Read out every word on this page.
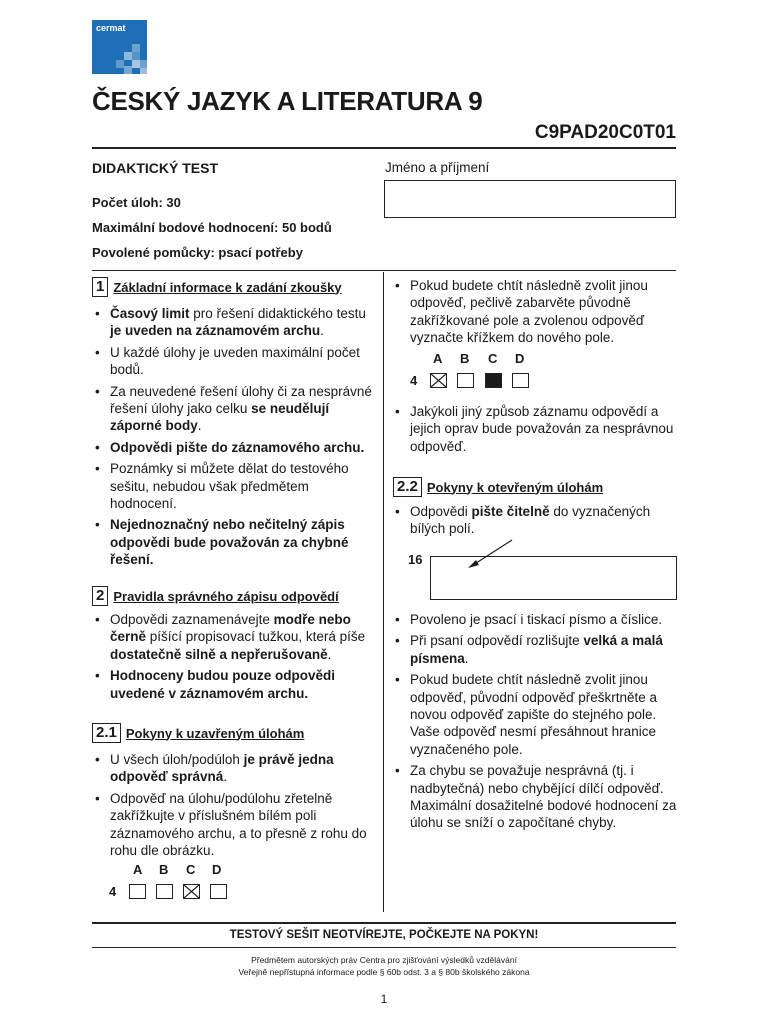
cermat
ČESKÝ JAZYK A LITERATURA 9
C9PAD20C0T01
DIDAKTICKÝ TEST
Počet úloh: 30
Maximální bodové hodnocení: 50 bodů
Povolené pomůcky: psací potřeby
Jméno a příjmení
1 Základní informace k zadání zkoušky
• Časový limit pro řešení didaktického testu je uveden na záznamovém archu.
• U každé úlohy je uveden maximální počet bodů.
• Za neuvedené řešení úlohy či za nesprávné řešení úlohy jako celku se neudělují záporné body.
• Odpovědi pište do záznamového archu.
• Poznámky si můžete dělat do testového sešitu, nebudou však předmětem hodnocení.
• Nejednoznačný nebo nečitelný zápis odpovědi bude považován za chybné řešení.
2 Pravidla správného zápisu odpovědí
• Odpovědi zaznamenávejte modře nebo černě píšící propisovací tužkou, která píše dostatečně silně a nepřerušovaně.
• Hodnoceny budou pouze odpovědi uvedené v záznamovém archu.
2.1 Pokyny k uzavřeným úlohám
• U všech úloh/podúloh je právě jedna odpověď správná.
• Odpověď na úlohu/podúlohu zřetelně zakřížkujte v příslušném bílém poli záznamového archu, a to přesně z rohu do rohu dle obrázku.
A B C D
4
• Pokud budete chtít následně zvolit jinou odpověď, pečlivě zabarvěte původně zakřížkované pole a zvolenou odpověď vyznačte křížkem do nového pole.
A B C D
4
• Jakýkoli jiný způsob záznamu odpovědí a jejich oprav bude považován za nesprávnou odpověď.
2.2 Pokyny k otevřeným úlohám
• Odpovědi pište čitelně do vyznačených bílých polí.
16
• Povoleno je psací i tiskací písmo a číslice.
• Při psaní odpovědí rozlišujte velká a malá písmena.
• Pokud budete chtít následně zvolit jinou odpověď, původní odpověď přeškrtněte a novou odpověď zapište do stejného pole. Vaše odpověď nesmí přesáhnout hranice vyznačeného pole.
• Za chybu se považuje nesprávná (tj. i nadbytečná) nebo chybějící dílčí odpověď. Maximální dosažitelné bodové hodnocení za úlohu se sníží o započítané chyby.
TESTOVÝ SEŠIT NEOTVÍREJTE, POČKEJTE NA POKYN!
Předmětem autorských práv Centra pro zjišťování výsledků vzdělávání
Veřejně nepřístupná informace podle § 60b odst. 3 a § 80b školského zákona
1
